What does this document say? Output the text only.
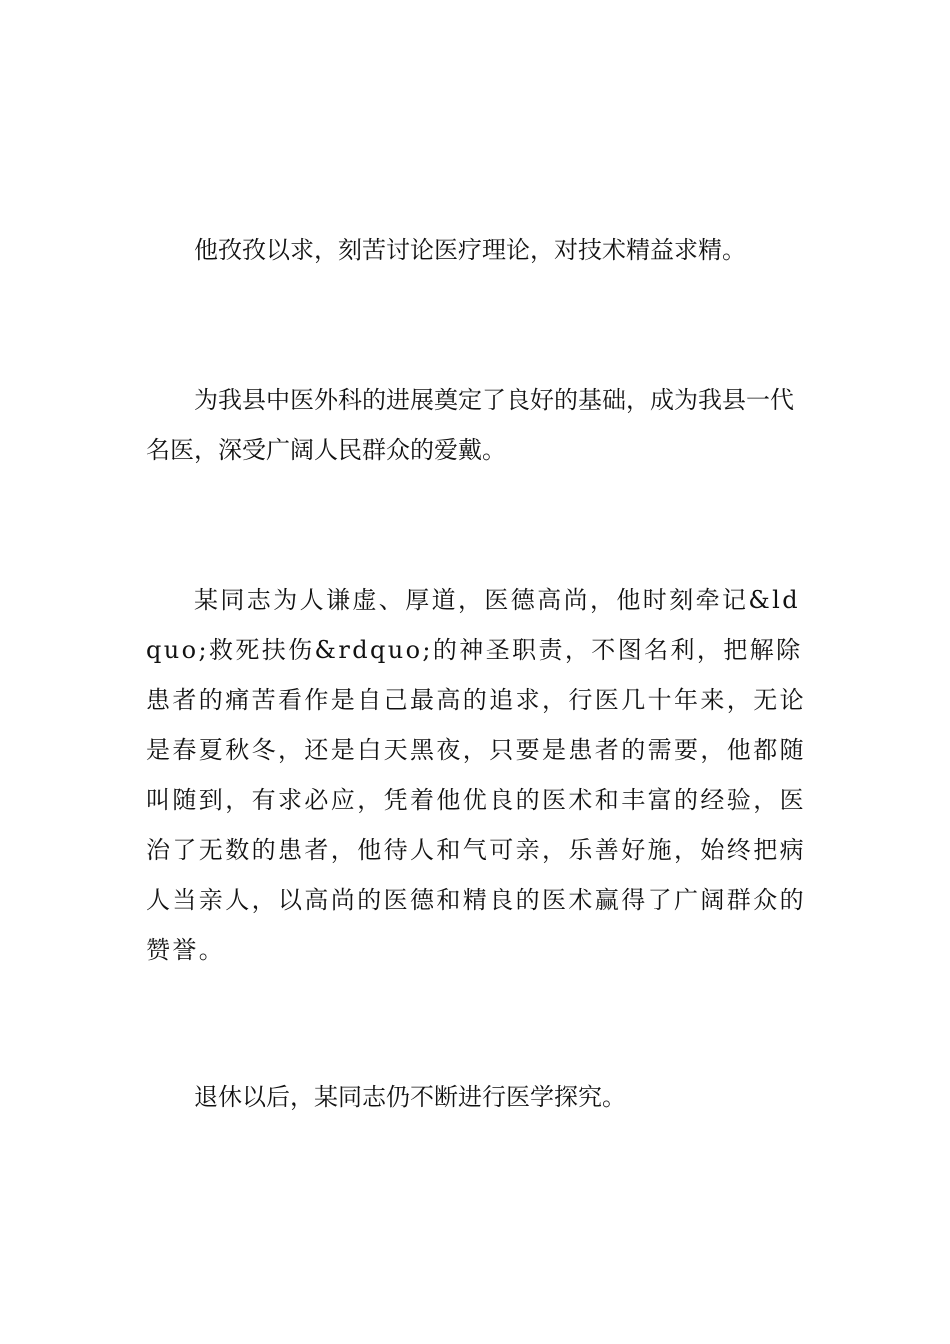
他孜孜以求，刻苦讨论医疗理论，对技术精益求精。

为我县中医外科的进展奠定了良好的基础，成为我县一代名医，深受广阔人民群众的爱戴。

某同志为人谦虚、厚道，医德高尚，他时刻牵记&ldquo;救死扶伤&rdquo;的神圣职责，不图名利，把解除患者的痛苦看作是自己最高的追求，行医几十年来，无论是春夏秋冬，还是白天黑夜，只要是患者的需要，他都随叫随到，有求必应，凭着他优良的医术和丰富的经验，医治了无数的患者，他待人和气可亲，乐善好施，始终把病人当亲人，以高尚的医德和精良的医术赢得了广阔群众的赞誉。

退休以后，某同志仍不断进行医学探究。
